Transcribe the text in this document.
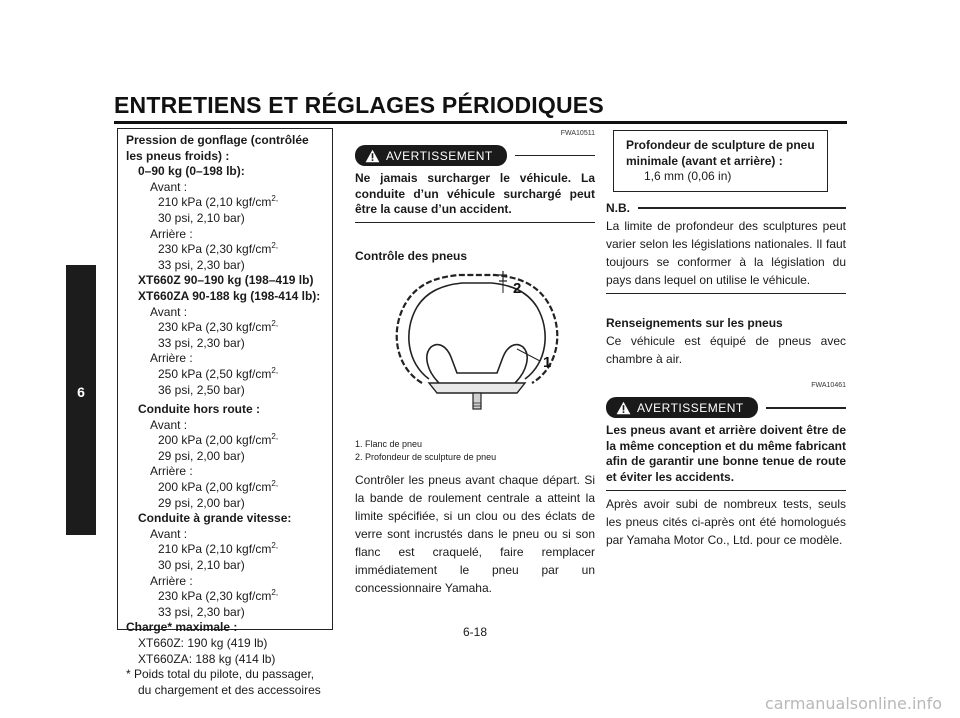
ENTRETIENS ET RÉGLAGES PÉRIODIQUES
6
Pression de gonflage (contrôlée
les pneus froids) :
0–90 kg (0–198 lb):
Avant :
210 kPa (2,10 kgf/$cm^{2,}$
30 psi, 2,10 bar)
Arrière :
230 kPa (2,30 kgf/$cm^{2,}$
33 psi, 2,30 bar)
XT660Z 90–190 kg (198–419 lb)
XT660ZA 90-188 kg (198-414 lb):
Avant :
230 kPa (2,30 kgf/$cm^{2,}$
33 psi, 2,30 bar)
Arrière :
250 kPa (2,50 kgf/$cm^{2,}$
36 psi, 2,50 bar)
Conduite hors route :
Avant :
200 kPa (2,00 kgf/$cm^{2,}$
29 psi, 2,00 bar)
Arrière :
200 kPa (2,00 kgf/$cm^{2,}$
29 psi, 2,00 bar)
Conduite à grande vitesse:
Avant :
210 kPa (2,10 kgf/$cm^{2,}$
30 psi, 2,10 bar)
Arrière :
230 kPa (2,30 kgf/$cm^{2,}$
33 psi, 2,30 bar)
Charge* maximale :
XT660Z: 190 kg (419 lb)
XT660ZA: 188 kg (414 lb)
* Poids total du pilote, du passager,
du chargement et des accessoires
FWA10511
AVERTISSEMENT
Ne jamais surcharger le véhicule. La conduite d’un véhicule surchargé peut être la cause d’un accident.
Contrôle des pneus
2
1
1. Flanc de pneu
2. Profondeur de sculpture de pneu
Contrôler les pneus avant chaque départ. Si la bande de roulement centrale a atteint la limite spécifiée, si un clou ou des éclats de verre sont incrustés dans le pneu ou si son flanc est craquelé, faire remplacer immédiatement le pneu par un concessionnaire Yamaha.
Profondeur de sculpture de pneu
minimale (avant et arrière) :
1,6 mm (0,06 in)
N.B.
La limite de profondeur des sculptures peut varier selon les législations nationales. Il faut toujours se conformer à la législation du pays dans lequel on utilise le véhicule.
Renseignements sur les pneus
Ce véhicule est équipé de pneus avec chambre à air.
FWA10461
AVERTISSEMENT
Les pneus avant et arrière doivent être de la même conception et du même fabricant afin de garantir une bonne tenue de route et éviter les accidents.
Après avoir subi de nombreux tests, seuls les pneus cités ci-après ont été homologués par Yamaha Motor Co., Ltd. pour ce modèle.
6-18
carmanualsonline.info
